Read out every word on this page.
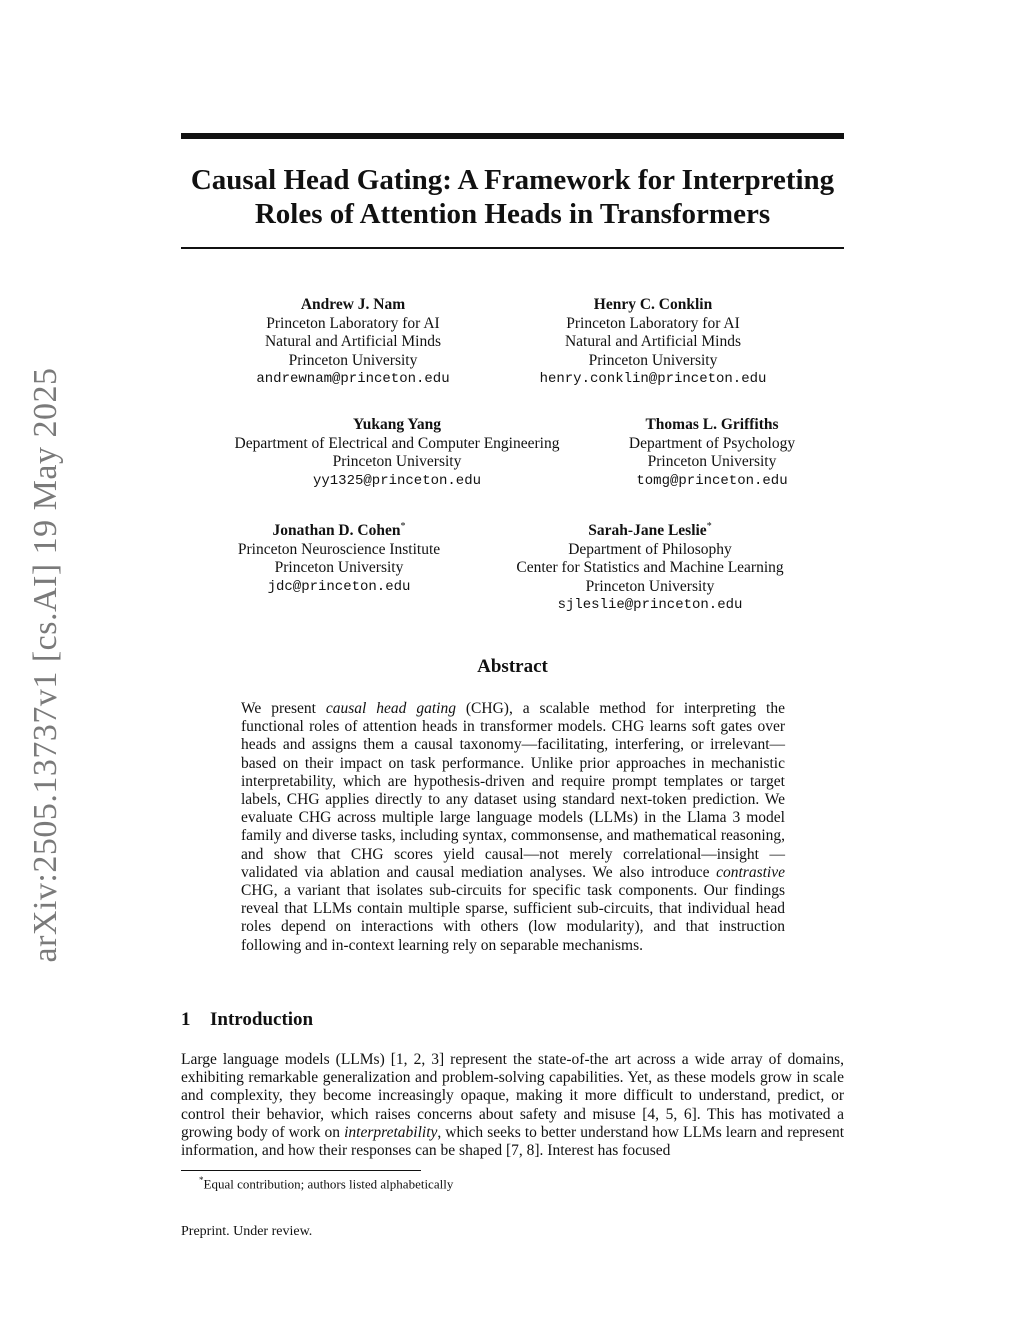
Causal Head Gating: A Framework for Interpreting
Roles of Attention Heads in Transformers
arXiv:2505.13737v1 [cs.AI] 19 May 2025
Andrew J. Nam
Princeton Laboratory for AI
Natural and Artificial Minds
Princeton University
andrewnam@princeton.edu
Henry C. Conklin
Princeton Laboratory for AI
Natural and Artificial Minds
Princeton University
henry.conklin@princeton.edu
Yukang Yang
Department of Electrical and Computer Engineering
Princeton University
yy1325@princeton.edu
Thomas L. Griffiths
Department of Psychology
Princeton University
tomg@princeton.edu
Jonathan D. Cohen*
Princeton Neuroscience Institute
Princeton University
jdc@princeton.edu
Sarah-Jane Leslie*
Department of Philosophy
Center for Statistics and Machine Learning
Princeton University
sjleslie@princeton.edu
Abstract
We present causal head gating (CHG), a scalable method for interpreting the functional roles of attention heads in transformer models. CHG learns soft gates over heads and assigns them a causal taxonomy—facilitating, interfering, or irrelevant—based on their impact on task performance. Unlike prior approaches in mechanistic interpretability, which are hypothesis-driven and require prompt templates or target labels, CHG applies directly to any dataset using standard next-token prediction. We evaluate CHG across multiple large language models (LLMs) in the Llama 3 model family and diverse tasks, including syntax, commonsense, and mathematical reasoning, and show that CHG scores yield causal—not merely correlational—insight — validated via ablation and causal mediation analyses. We also introduce contrastive CHG, a variant that isolates sub-circuits for specific task components. Our findings reveal that LLMs contain multiple sparse, sufficient sub-circuits, that individual head roles depend on interactions with others (low modularity), and that instruction following and in-context learning rely on separable mechanisms.
1 Introduction
Large language models (LLMs) [1, 2, 3] represent the state-of-the art across a wide array of domains, exhibiting remarkable generalization and problem-solving capabilities. Yet, as these models grow in scale and complexity, they become increasingly opaque, making it more difficult to understand, predict, or control their behavior, which raises concerns about safety and misuse [4, 5, 6]. This has motivated a growing body of work on interpretability, which seeks to better understand how LLMs learn and represent information, and how their responses can be shaped [7, 8]. Interest has focused
*Equal contribution; authors listed alphabetically
Preprint. Under review.
